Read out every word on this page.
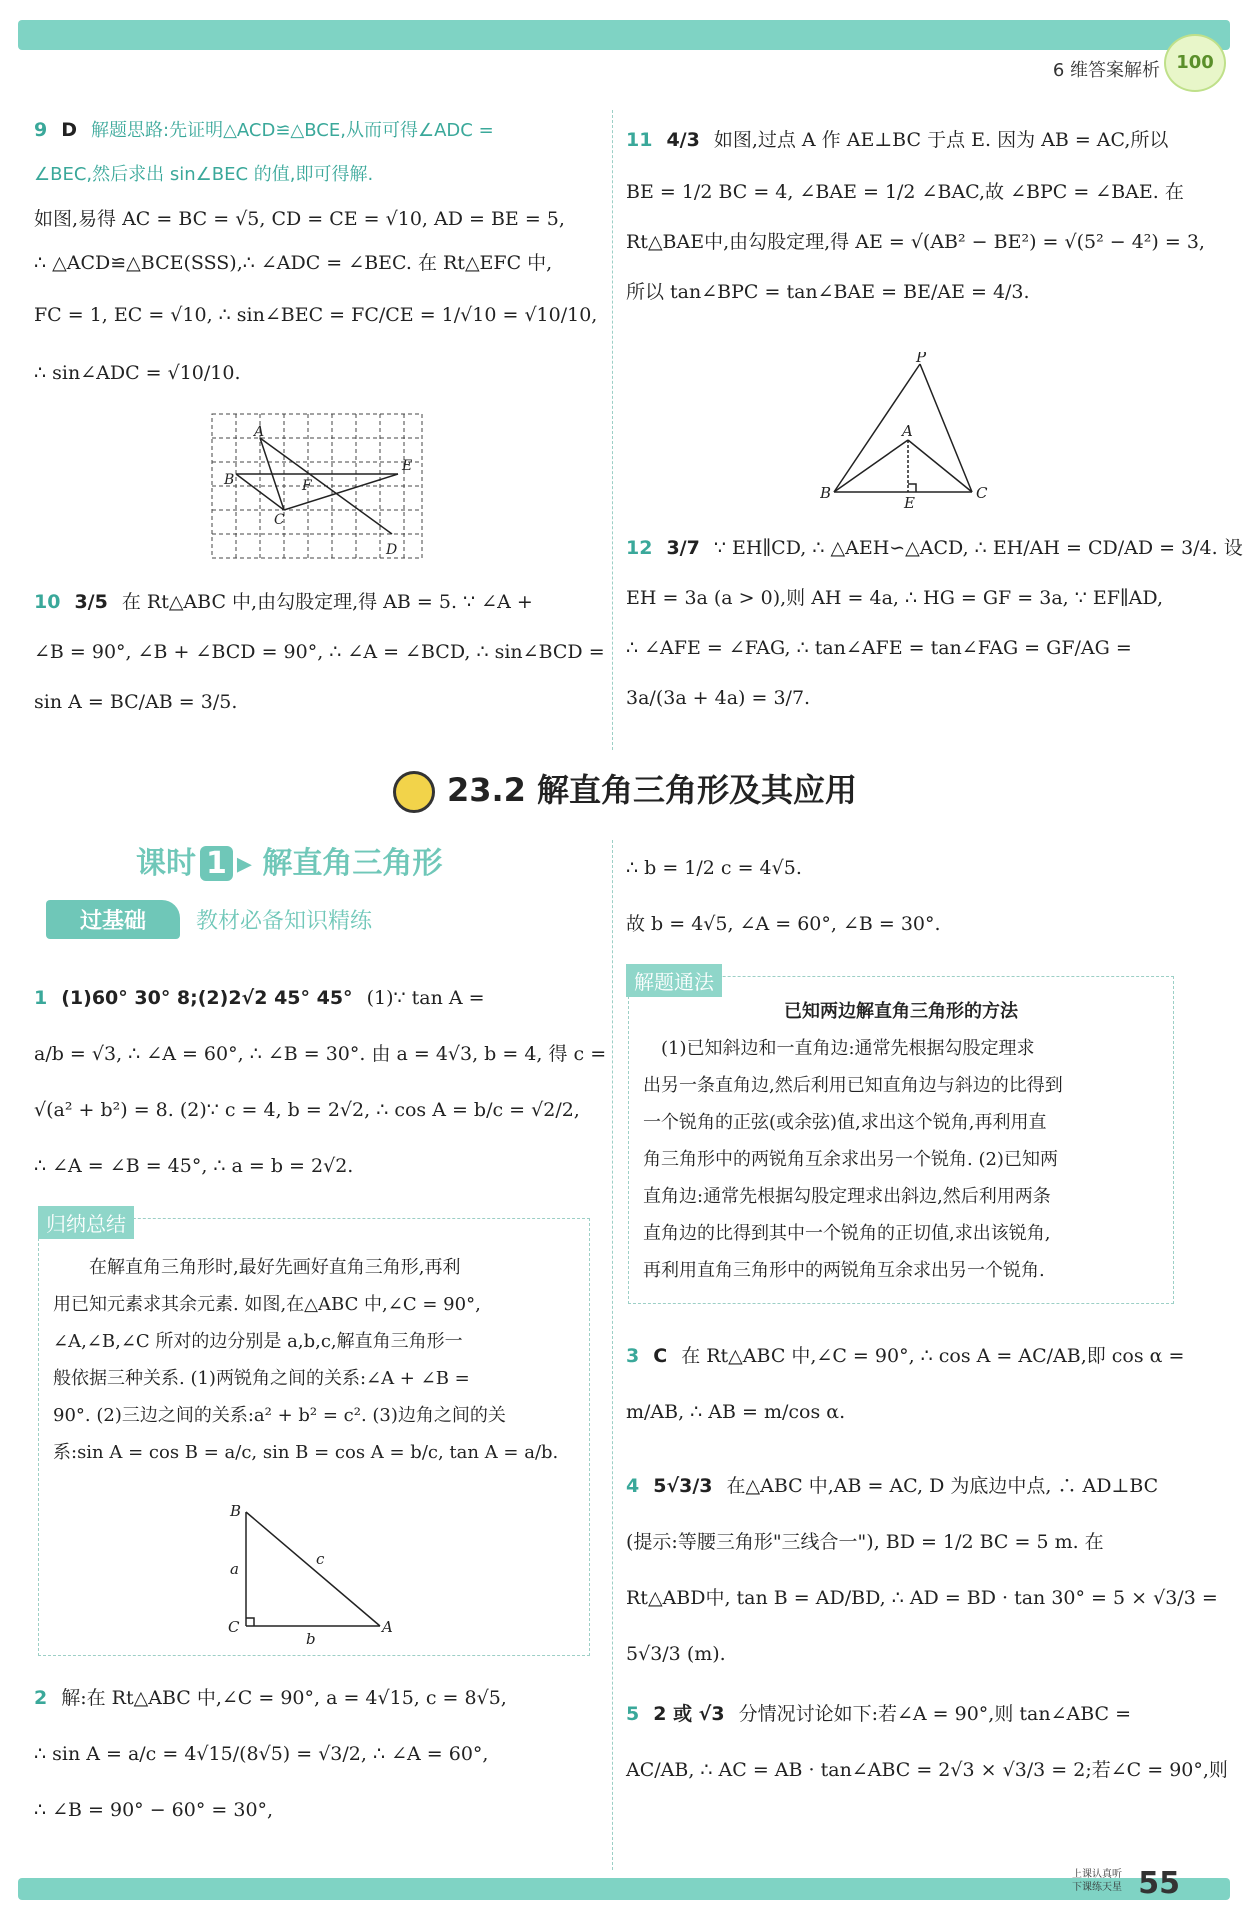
6 维答案解析 100
9 D 解题思路:先证明△ACD≌△BCE,从而可得∠ADC =
∠BEC,然后求出 sin∠BEC 的值,即可得解.
如图,易得 AC = BC = √5, CD = CE = √10, AD = BE = 5,
∴ △ACD≌△BCE(SSS),∴ ∠ADC = ∠BEC. 在 Rt△EFC 中,
FC = 1, EC = √10, ∴ sin∠BEC = FC/CE = 1/√10 = √10/10,
∴ sin∠ADC = √10/10.
A
B
E
F
C
D
10 3/5 在 Rt△ABC 中,由勾股定理,得 AB = 5. ∵ ∠A +
∠B = 90°, ∠B + ∠BCD = 90°, ∴ ∠A = ∠BCD, ∴ sin∠BCD =
sin A = BC/AB = 3/5.
11 4/3 如图,过点 A 作 AE⊥BC 于点 E. 因为 AB = AC,所以
BE = 1/2 BC = 4, ∠BAE = 1/2 ∠BAC,故 ∠BPC = ∠BAE. 在
Rt△BAE中,由勾股定理,得 AE = √(AB² − BE²) = √(5² − 4²) = 3,
所以 tan∠BPC = tan∠BAE = BE/AE = 4/3.
P
A
B
E
C
12 3/7 ∵ EH∥CD, ∴ △AEH∽△ACD, ∴ EH/AH = CD/AD = 3/4. 设
EH = 3a (a > 0),则 AH = 4a, ∴ HG = GF = 3a, ∵ EF∥AD,
∴ ∠AFE = ∠FAG, ∴ tan∠AFE = tan∠FAG = GF/AG =
3a/(3a + 4a) = 3/7.
23.2 解直角三角形及其应用
课时 1 ▸ 解直角三角形
过基础 教材必备知识精练
1 (1)60° 30° 8;(2)2√2 45° 45° (1)∵ tan A =
a/b = √3, ∴ ∠A = 60°, ∴ ∠B = 30°. 由 a = 4√3, b = 4, 得 c =
√(a² + b²) = 8. (2)∵ c = 4, b = 2√2, ∴ cos A = b/c = √2/2,
∴ ∠A = ∠B = 45°, ∴ a = b = 2√2.
在解直角三角形时,最好先画好直角三角形,再利
用已知元素求其余元素. 如图,在△ABC 中,∠C = 90°,
∠A,∠B,∠C 所对的边分别是 a,b,c,解直角三角形一
般依据三种关系. (1)两锐角之间的关系:∠A + ∠B =
90°. (2)三边之间的关系:a² + b² = c². (3)边角之间的关
系:sin A = cos B = a/c, sin B = cos A = b/c, tan A = a/b.
归纳总结
B
a
c
C
b
A
2 解:在 Rt△ABC 中,∠C = 90°, a = 4√15, c = 8√5,
∴ sin A = a/c = 4√15/(8√5) = √3/2, ∴ ∠A = 60°,
∴ ∠B = 90° − 60° = 30°,
∴ b = 1/2 c = 4√5.
故 b = 4√5, ∠A = 60°, ∠B = 30°.
已知两边解直角三角形的方法
(1)已知斜边和一直角边:通常先根据勾股定理求
出另一条直角边,然后利用已知直角边与斜边的比得到
一个锐角的正弦(或余弦)值,求出这个锐角,再利用直
角三角形中的两锐角互余求出另一个锐角. (2)已知两
直角边:通常先根据勾股定理求出斜边,然后利用两条
直角边的比得到其中一个锐角的正切值,求出该锐角,
再利用直角三角形中的两锐角互余求出另一个锐角.
解题通法
3 C 在 Rt△ABC 中,∠C = 90°, ∴ cos A = AC/AB,即 cos α =
m/AB, ∴ AB = m/cos α.
4 5√3/3 在△ABC 中,AB = AC, D 为底边中点, ∴ AD⊥BC
(提示:等腰三角形"三线合一"), BD = 1/2 BC = 5 m. 在
Rt△ABD中, tan B = AD/BD, ∴ AD = BD · tan 30° = 5 × √3/3 =
5√3/3 (m).
5 2 或 √3 分情况讨论如下:若∠A = 90°,则 tan∠ABC =
AC/AB, ∴ AC = AB · tan∠ABC = 2√3 × √3/3 = 2;若∠C = 90°,则
上课认真听
下课练天星 55
